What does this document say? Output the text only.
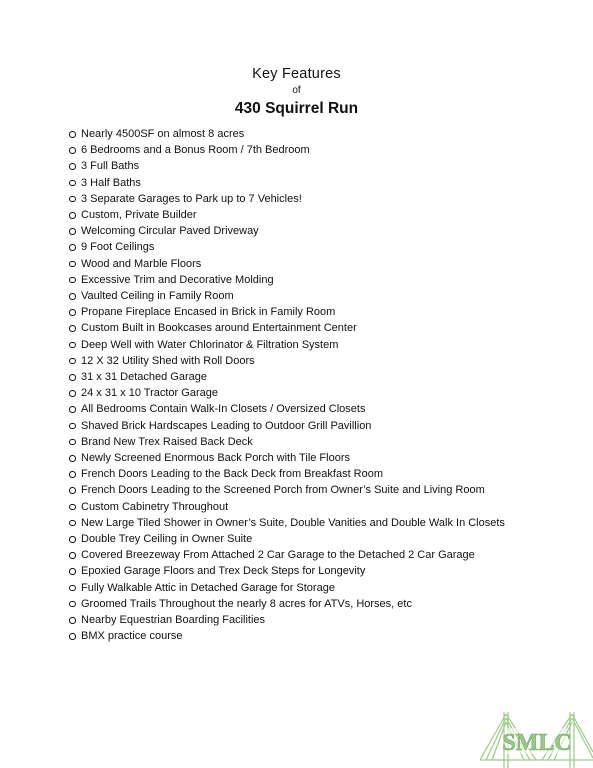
Key Features
of
430 Squirrel Run
Nearly 4500SF on almost 8 acres
6 Bedrooms and a Bonus Room / 7th Bedroom
3 Full Baths
3 Half Baths
3 Separate Garages to Park up to 7 Vehicles!
Custom, Private Builder
Welcoming Circular Paved Driveway
9 Foot Ceilings
Wood and Marble Floors
Excessive Trim and Decorative Molding
Vaulted Ceiling in Family Room
Propane Fireplace Encased in Brick in Family Room
Custom Built in Bookcases around Entertainment Center
Deep Well with Water Chlorinator & Filtration System
12 X 32 Utility Shed with Roll Doors
31 x 31 Detached Garage
24 x 31 x 10 Tractor Garage
All Bedrooms Contain Walk-In Closets / Oversized Closets
Shaved Brick Hardscapes Leading to Outdoor Grill Pavillion
Brand New Trex Raised Back Deck
Newly Screened Enormous Back Porch with Tile Floors
French Doors Leading to the Back Deck from Breakfast Room
French Doors Leading to the Screened Porch from Owner’s Suite and Living Room
Custom Cabinetry Throughout
New Large Tiled Shower in Owner’s Suite, Double Vanities and Double Walk In Closets
Double Trey Ceiling in Owner Suite
Covered Breezeway From Attached 2 Car Garage to the Detached 2 Car Garage
Epoxied Garage Floors and Trex Deck Steps for Longevity
Fully Walkable Attic in Detached Garage for Storage
Groomed Trails Throughout the nearly 8 acres for ATVs, Horses, etc
Nearby Equestrian Boarding Facilities
BMX practice course
SMLC
